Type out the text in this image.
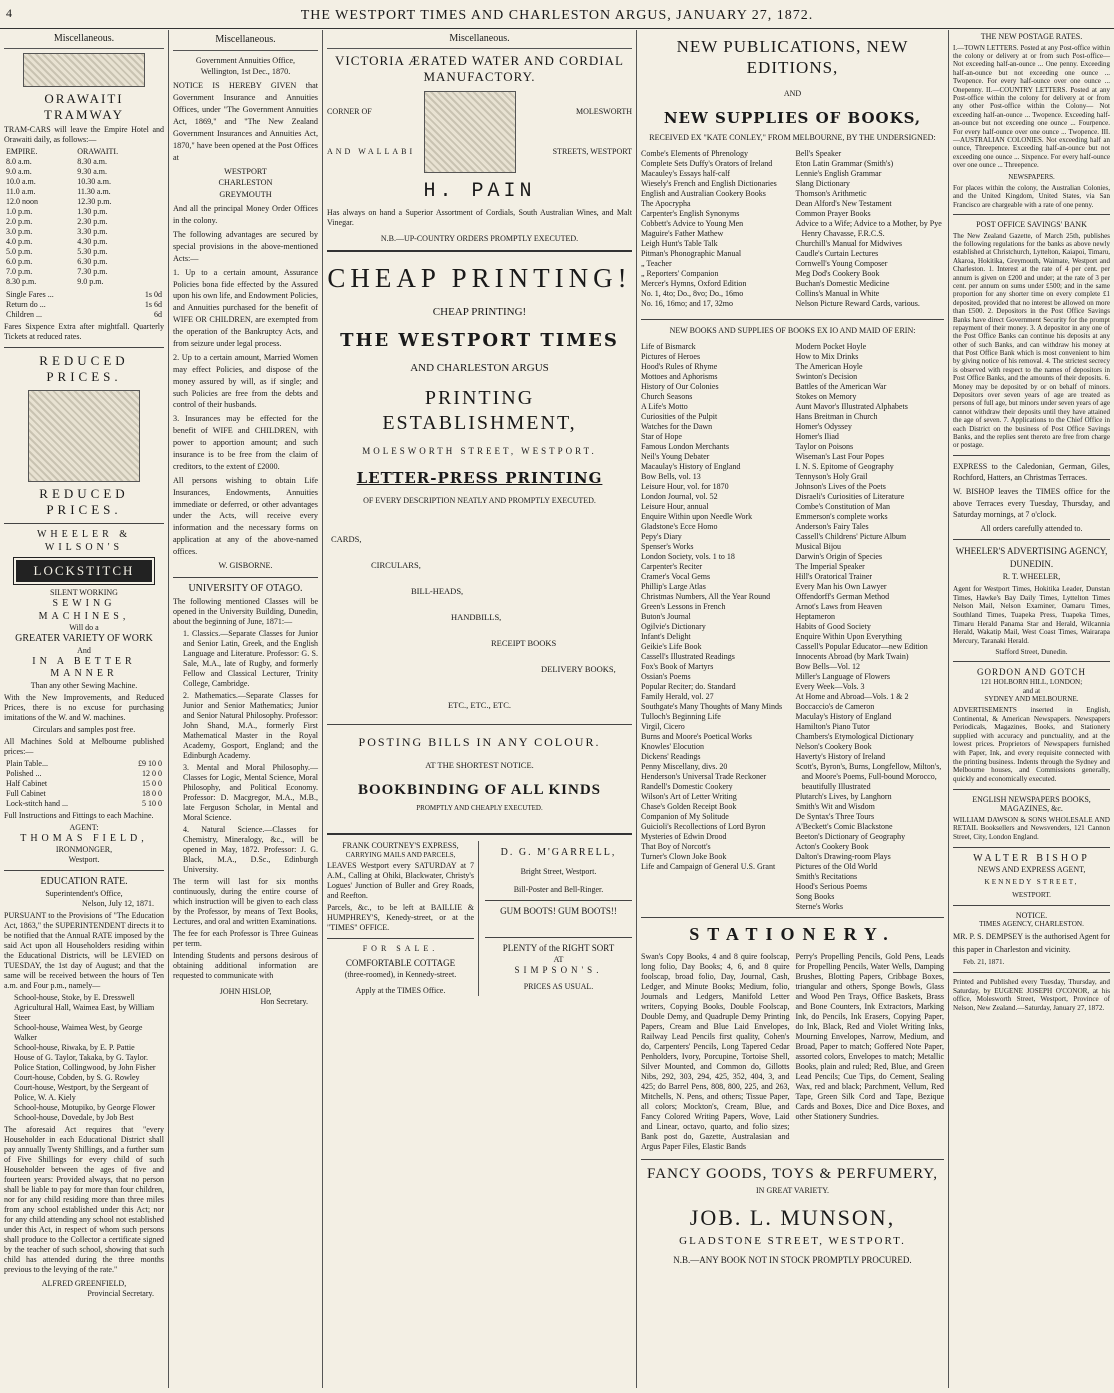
4	THE WESTPORT TIMES AND CHARLESTON ARGUS, JANUARY 27, 1872.
Miscellaneous.
ORAWAITI TRAMWAY
TRAM-CARS will leave the Empire Hotel and Orawaiti daily, as follows:—
EMPIRE.	ORAWAITI.
8.0 a.m.	8.30 a.m.
9.0 a.m.	9.30 a.m.
10.0 a.m.	10.30 a.m.
11.0 a.m.	11.30 a.m.
12.0 noon	12.30 p.m.
1.0 p.m.	1.30 p.m.
2.0 p.m.	2.30 p.m.
3.0 p.m.	3.30 p.m.
4.0 p.m.	4.30 p.m.
5.0 p.m.	5.30 p.m.
6.0 p.m.	6.30 p.m.
7.0 p.m.	7.30 p.m.
8.30 p.m.	9.0 p.m.
Single Fares ...	1s 0d
Return do ...	1s 6d
Children ...	6d
Fares Sixpence Extra after mightfall. Quarterly Tickets at reduced rates.
REDUCED PRICES.
REDUCED PRICES.
WHEELER & WILSON'S
LOCKSTITCH
SILENT WORKING
SEWING MACHINES,
Will do a
GREATER VARIETY OF WORK
And
IN A BETTER MANNER
Than any other Sewing Machine.
With the New Improvements, and Reduced Prices, there is no excuse for purchasing imitations of the W. and W. machines.
Circulars and samples post free.
All Machines Sold at Melbourne published prices:—
Plain Table...	£9 10 0
Polished ...	12 0 0
Half Cabinet	15 0 0
Full Cabinet	18 0 0
Lock-stitch hand ...	5 10 0
Full Instructions and Fittings to each Machine.
AGENT:
THOMAS FIELD,
IRONMONGER,
Westport.
EDUCATION RATE.
Superintendent's Office,
Nelson, July 12, 1871.
PURSUANT to the Provisions of "The Education Act, 1863," the SUPERINTENDENT directs it to be notified that the Annual RATE imposed by the said Act upon all Householders residing within the Educational Districts, will be LEVIED on TUESDAY, the 1st day of August; and that the same will be received between the hours of Ten a.m. and Four p.m., namely—
School-house, Stoke, by E. Dresswell
Agricultural Hall, Waimea East, by William Steer
School-house, Waimea West, by George Walker
School-house, Riwaka, by E. P. Pattie
House of G. Taylor, Takaka, by G. Taylor.
Police Station, Collingwood, by John Fisher
Court-house, Cobden, by S. G. Rowley
Court-house, Westport, by the Sergeant of Police, W. A. Kiely
School-house, Motupiko, by George Flower
School-house, Dovedale, by Job Best
The aforesaid Act requires that "every Householder in each Educational District shall pay annually Twenty Shillings, and a further sum of Five Shillings for every child of such Householder between the ages of five and fourteen years: Provided always, that no person shall be liable to pay for more than four children, nor for any child residing more than three miles from any school established under this Act; nor for any child attending any school not established under this Act, in respect of whom such persons shall produce to the Collector a certificate signed by the teacher of such school, showing that such child has attended during the three months previous to the levying of the rate."
ALFRED GREENFIELD,
Provincial Secretary.
Miscellaneous.
Government Annuities Office,
Wellington, 1st Dec., 1870.
NOTICE IS HEREBY GIVEN that Government Insurance and Annuities Offices, under "The Government Annuities Act, 1869," and "The New Zealand Government Insurances and Annuities Act, 1870," have been opened at the Post Offices at
WESTPORT
CHARLESTON
GREYMOUTH
And all the principal Money Order Offices in the colony.
The following advantages are secured by special provisions in the above-mentioned Acts:—
1. Up to a certain amount, Assurance Policies bona fide effected by the Assured upon his own life, and Endowment Policies, and Annuities purchased for the benefit of WIFE OR CHILDREN, are exempted from the operation of the Bankruptcy Acts, and from seizure under legal process.
2. Up to a certain amount, Married Women may effect Policies, and dispose of the money assured by will, as if single; and such Policies are free from the debts and control of their husbands.
3. Insurances may be effected for the benefit of WIFE and CHILDREN, with power to apportion amount; and such insurance is to be free from the claim of creditors, to the extent of £2000.
All persons wishing to obtain Life Insurances, Endowments, Annuities immediate or deferred, or other advantages under the Acts, will receive every information and the necessary forms on application at any of the above-named offices.
W. GISBORNE.
UNIVERSITY OF OTAGO.
The following mentioned Classes will be opened in the University Building, Dunedin, about the beginning of June, 1871:—
1. Classics.—Separate Classes for Junior and Senior Latin, Greek, and the English Language and Literature. Professor: G. S. Sale, M.A., late of Rugby, and formerly Fellow and Classical Lecturer, Trinity College, Cambridge.
2. Mathematics.—Separate Classes for Junior and Senior Mathematics; Junior and Senior Natural Philosophy. Professor: John Shand, M.A., formerly First Mathematical Master in the Royal Academy, Gosport, England; and the Edinburgh Academy.
3. Mental and Moral Philosophy.—Classes for Logic, Mental Science, Moral Philosophy, and Political Economy. Professor: D. Macgregor, M.A., M.B., late Ferguson Scholar, in Mental and Moral Science.
4. Natural Science.—Classes for Chemistry, Mineralogy, &c., will be opened in May, 1872. Professor: J. G. Black, M.A., D.Sc., Edinburgh University.
The term will last for six months continuously, during the entire course of which instruction will be given to each class by the Professor, by means of Text Books, Lectures, and oral and written Examinations.
The fee for each Professor is Three Guineas per term.
Intending Students and persons desirous of obtaining additional information are requested to communicate with
JOHN HISLOP,
Hon Secretary.
Miscellaneous.
VICTORIA ÆRATED WATER AND CORDIAL MANUFACTORY.
CORNER OF
AND WALLABI
MOLESWORTH
STREETS, WESTPORT
H. PAIN
Has always on hand a Superior Assortment of Cordials, South Australian Wines, and Malt Vinegar.
N.B.—UP-COUNTRY ORDERS PROMPTLY EXECUTED.
CHEAP PRINTING!
CHEAP PRINTING!
THE WESTPORT TIMES
AND CHARLESTON ARGUS
PRINTING ESTABLISHMENT,
MOLESWORTH STREET, WESTPORT.
LETTER-PRESS PRINTING
OF EVERY DESCRIPTION NEATLY AND PROMPTLY EXECUTED.
CARDS,
CIRCULARS,
BILL-HEADS,
HANDBILLS,
RECEIPT BOOKS
DELIVERY BOOKS,
ETC., ETC., ETC.
POSTING BILLS IN ANY COLOUR.
AT THE SHORTEST NOTICE.
BOOKBINDING OF ALL KINDS
PROMPTLY AND CHEAPLY EXECUTED.
FRANK COURTNEY'S EXPRESS,
CARRYING MAILS AND PARCELS,
LEAVES Westport every SATURDAY at 7 A.M., Calling at Ohiki, Blackwater, Christy's Logues' Junction of Buller and Grey Roads, and Reefton.
Parcels, &c., to be left at BAILLIE & HUMPHREY'S, Kenedy-street, or at the "TIMES" OFFICE.
FOR SALE.
COMFORTABLE COTTAGE
(three-roomed), in Kennedy-street.
Apply at the TIMES Office.
D. G. M'GARRELL,
Bright Street, Westport.
Bill-Poster and Bell-Ringer.
GUM BOOTS! GUM BOOTS!!
PLENTY of the RIGHT SORT
AT
SIMPSON'S.
PRICES AS USUAL.
NEW PUBLICATIONS, NEW EDITIONS,
AND
NEW SUPPLIES OF BOOKS,
RECEIVED EX "KATE CONLEY," FROM MELBOURNE, BY THE UNDERSIGNED:
Combe's Elements of Phrenology
Complete Sets Duffy's Orators of Ireland
Macauley's Essays half-calf
Wiesely's French and English Dictionaries
English and Australian Cookery Books
The Apocrypha
Carpenter's English Synonyms
Cobbett's Advice to Young Men
Maguire's Father Mathew
Leigh Hunt's Table Talk
Pitman's Phonographic Manual
„ Teacher
„ Reporters' Companion
Mercer's Hymns, Oxford Edition
No. 1, 4to; Do., 8vo; Do., 16mo
No. 16, 16mo; and 17, 32mo
Bell's Speaker
Eton Latin Grammar (Smith's)
Lennie's English Grammar
Slang Dictionary
Thomson's Arithmetic
Dean Alford's New Testament
Common Prayer Books
Advice to a Wife; Advice to a Mother, by Pye Henry Chavasse, F.R.C.S.
Churchill's Manual for Midwives
Caudle's Curtain Lectures
Cornwell's Young Composer
Meg Dod's Cookery Book
Buchan's Domestic Medicine
Collins's Manual in White
Nelson Picture Reward Cards, various.
NEW BOOKS AND SUPPLIES OF BOOKS EX IO AND MAID OF ERIN:
Life of Bismarck
Pictures of Heroes
Hood's Rules of Rhyme
Mottoes and Aphorisms
History of Our Colonies
Church Seasons
A Life's Motto
Curiosities of the Pulpit
Watches for the Dawn
Star of Hope
Famous London Merchants
Neil's Young Debater
Macaulay's History of England
Bow Bells, vol. 13
Leisure Hour, vol. for 1870
London Journal, vol. 52
Leisure Hour, annual
Enquire Within upon Needle Work
Gladstone's Ecce Homo
Pepy's Diary
Spenser's Works
London Society, vols. 1 to 18
Carpenter's Reciter
Cramer's Vocal Gems
Phillip's Large Atlas
Christmas Numbers, All the Year Round
Green's Lessons in French
Buton's Journal
Ogilvie's Dictionary
Infant's Delight
Geikie's Life Book
Cassell's Illustrated Readings
Fox's Book of Martyrs
Ossian's Poems
Popular Reciter; do. Standard
Family Herald, vol. 27
Southgate's Many Thoughts of Many Minds
Tulloch's Beginning Life
Virgil, Cicero
Burns and Moore's Poetical Works
Knowles' Elocution
Dickens' Readings
Penny Miscellany, divs. 20
Henderson's Universal Trade Reckoner
Randell's Domestic Cookery
Wilson's Art of Letter Writing
Chase's Golden Receipt Book
Companion of My Solitude
Guicioli's Recollections of Lord Byron
Mysteries of Edwin Drood
That Boy of Norcott's
Turner's Clown Joke Book
Life and Campaign of General U.S. Grant
Modern Pocket Hoyle
How to Mix Drinks
The American Hoyle
Swinton's Decision
Battles of the American War
Stokes on Memory
Aunt Mavor's Illustrated Alphabets
Hans Breitman in Church
Homer's Odyssey
Homer's Iliad
Taylor on Poisons
Wiseman's Last Four Popes
I. N. S. Epitome of Geography
Tennyson's Holy Grail
Johnson's Lives of the Poets
Disraeli's Curiosities of Literature
Combe's Constitution of Man
Emmerson's complete works
Anderson's Fairy Tales
Cassell's Childrens' Picture Album
Musical Bijou
Darwin's Origin of Species
The Imperial Speaker
Hill's Oratorical Trainer
Every Man his Own Lawyer
Offendorff's German Method
Arnot's Laws from Heaven
Heptameron
Habits of Good Society
Enquire Within Upon Everything
Cassell's Popular Educator—new Edition
Innocents Abroad (by Mark Twain)
Bow Bells—Vol. 12
Miller's Language of Flowers
Every Week—Vols. 3
At Home and Abroad—Vols. 1 & 2
Boccaccio's de Cameron
Maculay's History of England
Hamilton's Piano Tutor
Chambers's Etymological Dictionary
Nelson's Cookery Book
Haverty's History of Ireland
Scott's, Byron's, Burns, Longfellow, Milton's, and Moore's Poems, Full-bound Morocco, beautifully Illustrated
Plutarch's Lives, by Langhorn
Smith's Wit and Wisdom
De Syntax's Three Tours
A'Beckett's Comic Blackstone
Beeton's Dictionary of Geography
Acton's Cookery Book
Dalton's Drawing-room Plays
Pictures of the Old World
Smith's Recitations
Hood's Serious Poems
Song Books
Sterne's Works
STATIONERY.
Swan's Copy Books, 4 and 8 quire foolscap, long folio, Day Books; 4, 6, and 8 quire foolscap, broad folio, Day, Journal, Cash, Ledger, and Minute Books; Medium, folio, Journals and Ledgers, Manifold Letter writers, Copying Books, Double Foolscap, Double Demy, and Quadruple Demy Printing Papers, Cream and Blue Laid Envelopes, Railway Lead Pencils first quality, Cohen's do, Carpenters' Pencils, Long Tapered Cedar Penholders, Ivory, Porcupine, Tortoise Shell, Silver Mounted, and Common do, Gillotts Nibs, 292, 303, 294, 425, 352, 404, 3, and 425; do Barrel Pens, 808, 800, 225, and 263, Mitchells, N. Pens, and others; Tissue Paper, all colors; Mockton's, Cream, Blue, and Fancy Colored Writing Papers, Wove, Laid and Linear, octavo, quarto, and folio sizes; Bank post do, Gazette, Australasian and Argus Paper Files, Elastic Bands
Perry's Propelling Pencils, Gold Pens, Leads for Propelling Pencils, Water Wells, Damping Brushes, Blotting Papers, Cribbage Boxes, triangular and others, Sponge Bowls, Glass and Wood Pen Trays, Office Baskets, Brass and Bone Counters, Ink Extractors, Marking Ink, do Pencils, Ink Erasers, Copying Paper, do Ink, Black, Red and Violet Writing Inks, Mourning Envelopes, Narrow, Medium, and Broad, Paper to match; Goffered Note Paper, assorted colors, Envelopes to match; Metallic Books, plain and ruled; Red, Blue, and Green Lead Pencils; Cue Tips, do Cement, Sealing Wax, red and black; Parchment, Vellum, Red Tape, Green Silk Cord and Tape, Bezique Cards and Boxes, Dice and Dice Boxes, and other Stationery Sundries.
FANCY GOODS, TOYS & PERFUMERY,
IN GREAT VARIETY.
JOB. L. MUNSON,
GLADSTONE STREET, WESTPORT.
N.B.—ANY BOOK NOT IN STOCK PROMPTLY PROCURED.
THE NEW POSTAGE RATES.
I.—TOWN LETTERS. Posted at any Post-office within the colony or delivery at or from such Post-office— Not exceeding half-an-ounce ... One penny. Exceeding half-an-ounce but not exceeding one ounce ... Twopence. For every half-ounce over one ounce ... Onepenny. II.—COUNTRY LETTERS. Posted at any Post-office within the colony for delivery at or from any other Post-office within the Colony— Not exceeding half-an-ounce ... Twopence. Exceeding half-an-ounce but not exceeding one ounce ... Fourpence. For every half-ounce over one ounce ... Twopence. III.—AUSTRALIAN COLONIES. Not exceeding half an ounce, Threepence. Exceeding half-an-ounce but not exceeding one ounce ... Sixpence. For every half-ounce over one ounce ... Threepence.
NEWSPAPERS.
For places within the colony, the Australian Colonies, and the United Kingdom, United States, via San Francisco are chargeable with a rate of one penny.
POST OFFICE SAVINGS' BANK
The New Zealand Gazette, of March 25th, publishes the following regulations for the banks as above newly established at Christchurch, Lyttelton, Kaiapoi, Timaru, Akaroa, Hokitika, Greymouth, Waimate, Westport and Charleston. 1. Interest at the rate of 4 per cent. per annum is given on £200 and under; at the rate of 3 per cent. per annum on sums under £500; and in the same proportion for any shorter time on every complete £1 deposited, provided that no interest be allowed on more than £500. 2. Depositors in the Post Office Savings Banks have direct Government Security for the prompt repayment of their money. 3. A depositor in any one of the Post Office Banks can continue his deposits at any other of such Banks, and can withdraw his money at that Post Office Bank which is most convenient to him by giving notice of his removal. 4. The strictest secrecy is observed with respect to the names of depositors in Post Office Banks, and the amounts of their deposits. 6. Money may be deposited by or on behalf of minors. Depositors over seven years of age are treated as persons of full age, but minors under seven years of age cannot withdraw their deposits until they have attained the age of seven. 7. Applications to the Chief Office in each District on the business of Post Office Savings Banks, and the replies sent thereto are free from charge or postage.
EXPRESS to the Caledonian, German, Giles, Rochford, Hatters, an Christmas Terraces.
W. BISHOP leaves the TIMES office for the above Terraces every Tuesday, Thursday, and Saturday mornings, at 7 o'clock.
All orders carefully attended to.
WHEELER'S ADVERTISING AGENCY, DUNEDIN.
R. T. WHEELER,
Agent for Westport Times, Hokitika Leader, Dunstan Times, Hawke's Bay Daily Times, Lyttelton Times Nelson Mail, Nelson Examiner, Oamaru Times, Southland Times, Tuapeka Press, Tuapeka Times, Timaru Herald Panama Star and Herald, Wilcannia Herald, Wakatip Mail, West Coast Times, Wairarapa Mercury, Taranaki Herald.
Stafford Street, Dunedin.
GORDON AND GOTCH
121 HOLBORN HILL, LONDON;
and at
SYDNEY AND MELBOURNE.
ADVERTISEMENTS inserted in English, Continental, & American Newspapers. Newspapers Periodicals, Magazines, Books, and Stationery supplied with accuracy and punctuality, and at the lowest prices. Proprietors of Newspapers furnished with Paper, Ink, and every requisite connected with the printing business. Indents through the Sydney and Melbourne houses, and Commissions generally, quickly and economically executed.
ENGLISH NEWSPAPERS BOOKS, MAGAZINES, &c.
WILLIAM DAWSON & SONS WHOLESALE AND RETAIL Booksellers and Newsvenders, 121 Cannon Street, City, London England.
WALTER BISHOP
NEWS AND EXPRESS AGENT,
KENNEDY STREET,
WESTPORT.
NOTICE.
TIMES AGENCY, CHARLESTON.
MR. P. S. DEMPSEY is the authorised Agent for this paper in Charleston and vicinity.
Feb. 21, 1871.
Printed and Published every Tuesday, Thursday, and Saturday, by EUGENE JOSEPH O'CONOR, at his office, Molesworth Street, Westport, Province of Nelson, New Zealand.—Saturday, January 27, 1872.
